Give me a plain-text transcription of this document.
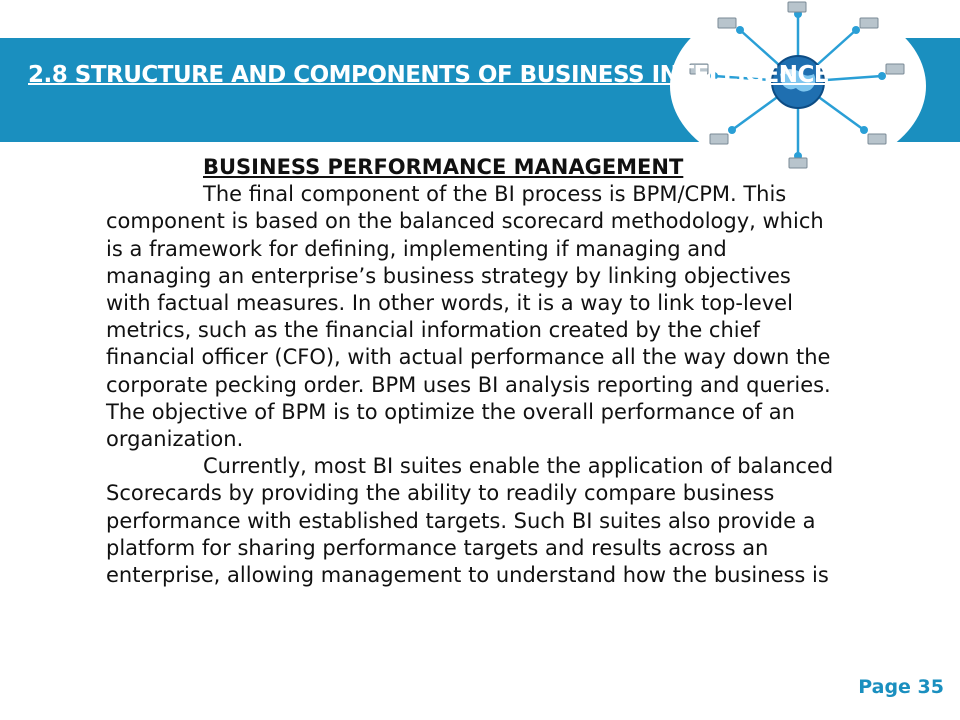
2.8 STRUCTURE AND COMPONENTS OF BUSINESS INTELLIGENCE

BUSINESS PERFORMANCE MANAGEMENT

The final component of the BI process is BPM/CPM. This component is based on the balanced scorecard methodology, which is a framework for defining, implementing if managing and managing an enterprise’s business strategy by linking objectives with factual measures. In other words, it is a way to link top-level metrics, such as the financial information created by the chief financial officer (CFO), with actual performance all the way down the corporate pecking order. BPM uses BI analysis reporting and queries. The objective of BPM is to optimize the overall performance of an organization.

Currently, most BI suites enable the application of balanced Scorecards by providing the ability to readily compare business performance with established targets. Such BI suites also provide a platform for sharing performance targets and results across an enterprise, allowing management to understand how the business is

Page 35
